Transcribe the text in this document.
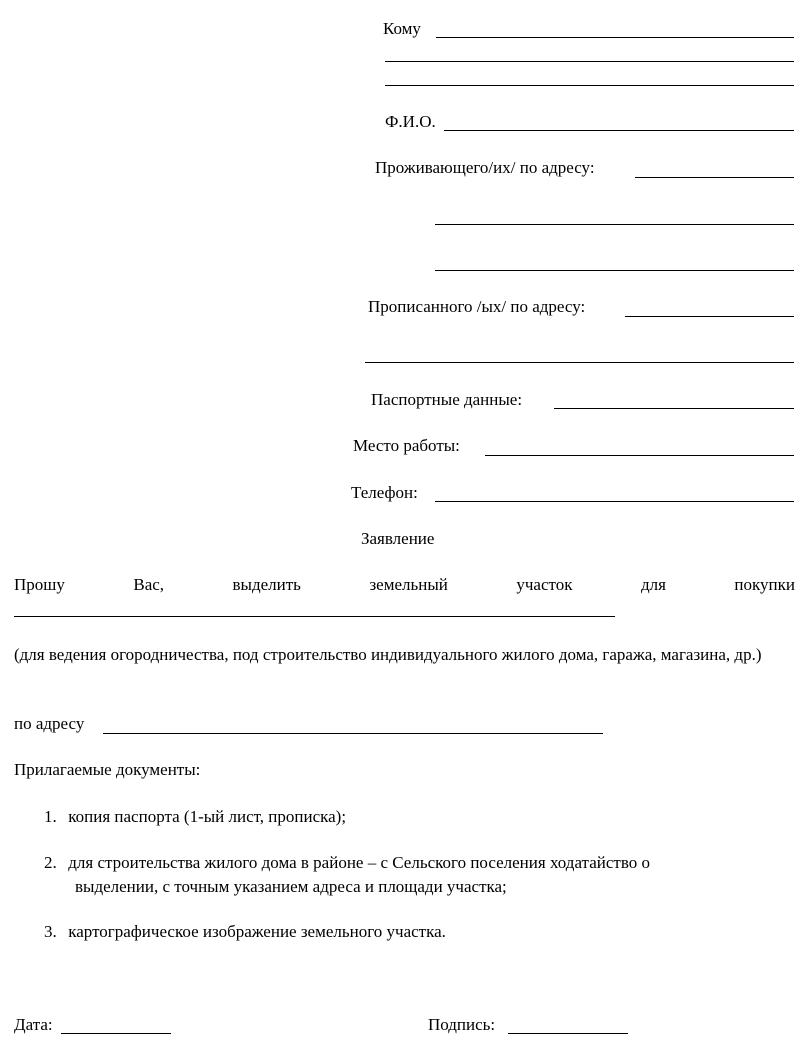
Кому
Ф.И.О.
Проживающего/их/ по адресу:
Прописанного /ых/ по адресу:
Паспортные данные:
Место работы:
Телефон:
Заявление
Прошу	Вас,	выделить	земельный	участок	для	покупки
(для ведения огородничества, под строительство индивидуального жилого дома, гаража, магазина, др.)
по адресу
Прилагаемые документы:
1. копия паспорта (1-ый лист, прописка);
2. для строительства жилого дома в районе – с Сельского поселения ходатайство о
выделении, с точным указанием адреса и площади участка;
3. картографическое изображение земельного участка.
Дата:	Подпись:
